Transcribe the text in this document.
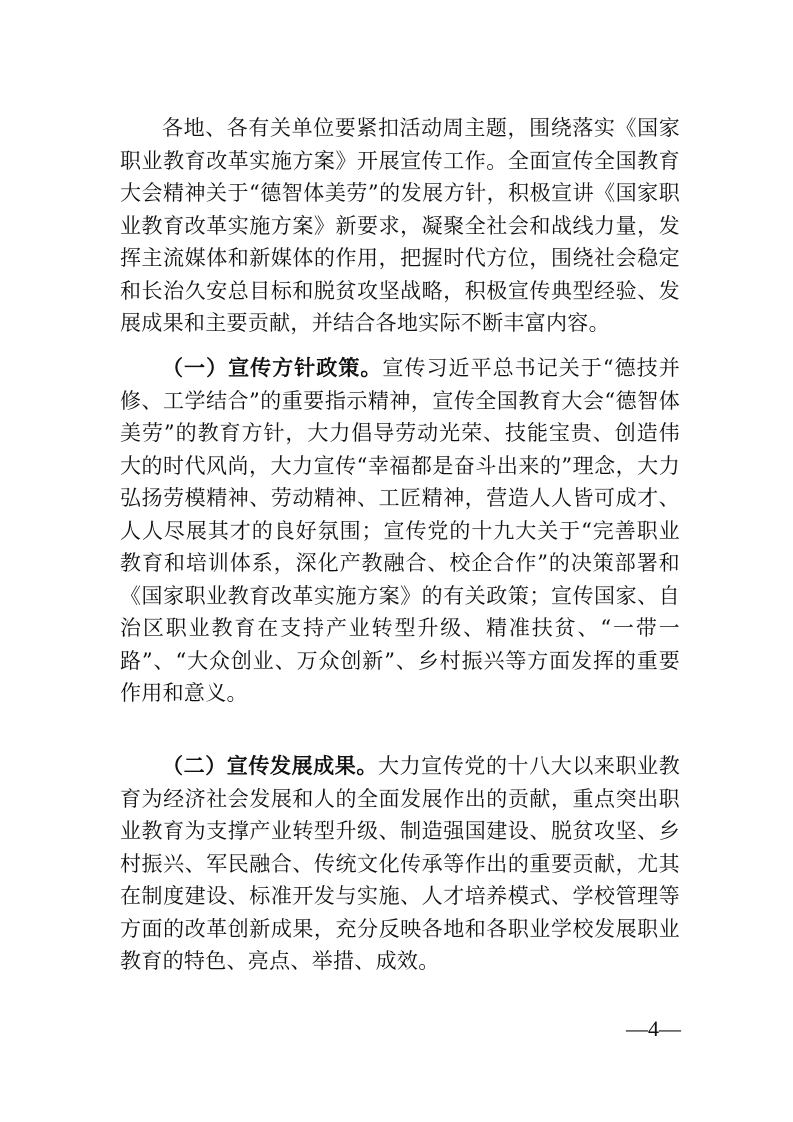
各地、各有关单位要紧扣活动周主题，围绕落实《国家职业教育改革实施方案》开展宣传工作。全面宣传全国教育大会精神关于“德智体美劳”的发展方针，积极宣讲《国家职业教育改革实施方案》新要求，凝聚全社会和战线力量，发挥主流媒体和新媒体的作用，把握时代方位，围绕社会稳定和长治久安总目标和脱贫攻坚战略，积极宣传典型经验、发展成果和主要贡献，并结合各地实际不断丰富内容。

（一）宣传方针政策。宣传习近平总书记关于“德技并修、工学结合”的重要指示精神，宣传全国教育大会“德智体美劳”的教育方针，大力倡导劳动光荣、技能宝贵、创造伟大的时代风尚，大力宣传“幸福都是奋斗出来的”理念，大力弘扬劳模精神、劳动精神、工匠精神，营造人人皆可成才、人人尽展其才的良好氛围；宣传党的十九大关于“完善职业教育和培训体系，深化产教融合、校企合作”的决策部署和《国家职业教育改革实施方案》的有关政策；宣传国家、自治区职业教育在支持产业转型升级、精准扶贫、“一带一路”、“大众创业、万众创新”、乡村振兴等方面发挥的重要作用和意义。

（二）宣传发展成果。大力宣传党的十八大以来职业教育为经济社会发展和人的全面发展作出的贡献，重点突出职业教育为支撑产业转型升级、制造强国建设、脱贫攻坚、乡村振兴、军民融合、传统文化传承等作出的重要贡献，尤其在制度建设、标准开发与实施、人才培养模式、学校管理等方面的改革创新成果，充分反映各地和各职业学校发展职业教育的特色、亮点、举措、成效。

—4—
